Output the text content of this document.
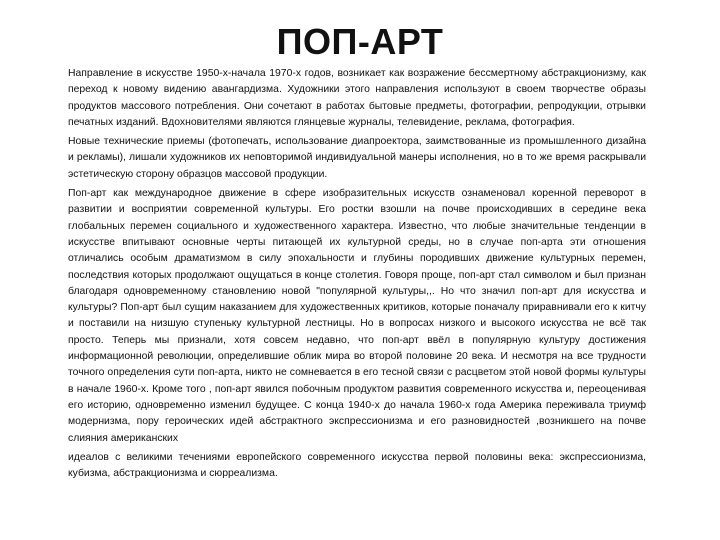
ПОП-АРТ

Направление в искусстве 1950-х-начала 1970-х годов, возникает как возражение бессмертному абстракционизму, как переход к новому видению авангардизма. Художники этого направления используют в своем творчестве образы продуктов массового потребления. Они сочетают в работах бытовые предметы, фотографии, репродукции, отрывки печатных изданий. Вдохновителями являются глянцевые журналы, телевидение, реклама, фотография.

Новые технические приемы (фотопечать, использование диапроектора, заимствованные из промышленного дизайна и рекламы), лишали художников их неповторимой индивидуальной манеры исполнения, но в то же время раскрывали эстетическую сторону образцов массовой продукции.

Поп-арт как международное движение в сфере изобразительных искусств ознаменовал коренной переворот в развитии и восприятии современной культуры. Его ростки взошли на почве происходивших в середине века глобальных перемен социального и художественного характера. Известно, что любые значительные тенденции в искусстве впитывают основные черты питающей их культурной среды, но в случае поп-арта эти отношения отличались особым драматизмом в силу эпохальности и глубины породивших движение культурных перемен, последствия которых продолжают ощущаться в конце столетия. Говоря проще, поп-арт стал символом и был признан благодаря одновременному становлению новой "популярной культуры,,. Но что значил поп-арт для искусства и культуры? Поп-арт был сущим наказанием для художественных критиков, которые поначалу приравнивали его к китчу и поставили на низшую ступеньку культурной лестницы. Но в вопросах низкого и высокого искусства не всё так просто. Теперь мы признали, хотя совсем недавно, что поп-арт ввёл в популярную культуру достижения информационной революции, определившие облик мира во второй половине 20 века. И несмотря на все трудности точного определения сути поп-арта, никто не сомневается в его тесной связи с расцветом этой новой формы культуры в начале 1960-х. Кроме того , поп-арт явился побочным продуктом развития современного искусства и, переоценивая его историю, одновременно изменил будущее. С конца 1940-х до начала 1960-х года Америка переживала триумф модернизма, пору героических идей абстрактного экспрессионизма и его разновидностей ,возникшего на почве слияния американских

идеалов с великими течениями европейского современного искусства первой половины века: экспрессионизма, кубизма, абстракционизма и сюрреализма.
